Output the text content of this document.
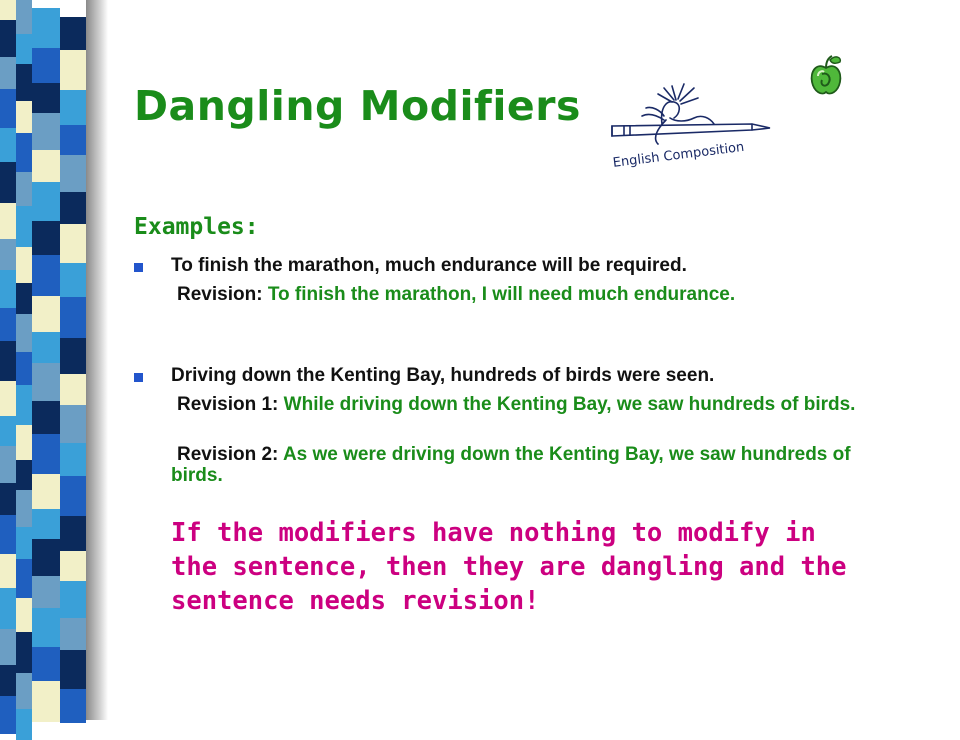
Dangling Modifiers
English Composition
Examples:
To finish the marathon, much endurance will be required.
Revision: To finish the marathon, I will need much endurance.
Driving down the Kenting Bay, hundreds of birds were seen.
Revision 1: While driving down the Kenting Bay, we saw hundreds of birds.
Revision 2: As we were driving down the Kenting Bay, we saw hundreds of birds.
If the modifiers have nothing to modify in the sentence, then they are dangling and the sentence needs revision!
